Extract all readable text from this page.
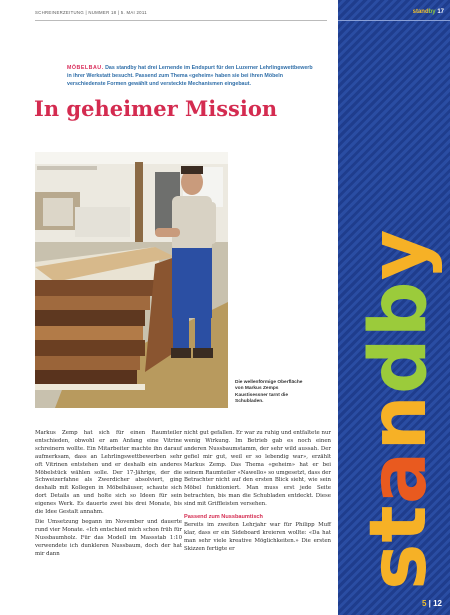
SCHREINERZEITUNG | NUMMER 18 | 5. MAI 2011
MÖBELBAU. Das standby hat drei Lernende im Endspurt für den Luzerner Lehrlingswettbewerb in ihrer Werkstatt besucht. Passend zum Thema «geheim» haben sie bei ihren Möbeln verschiedenste Formen gewählt und versteckte Mechanismen eingebaut.
In geheimer Mission
Die wellenförmige Oberfläche von Markus Zemps Kaustisessner tarnt die Schubladen.

Markus Zemp hat sich für einen Raumteiler entschieden, obwohl er am Anfang eine Vitrine schreinern wollte. Ein Mitarbeiter machte ihn darauf aufmerksam, dass an Lehrlingswettbewerben sehr oft Vitrinen entstehen und er deshalb ein anderes Möbelstück wählen solle. Der 17-Jährige, der die Schweizerfahne als Zwerdicher absolviert, ging deshalb mit Kollegen in Möbelhäuser, schaute sich dort Details an und holte sich so Ideen für sein eigenes Werk. Es dauerte zwei bis drei Monate, bis die Idee Gestalt annahm.

Die Umsetzung begann im November und dauerte rund vier Monate. «Ich entschied mich schon früh für Nussbaumholz. Für das Modell im Massstab 1:10 verwendete ich dunkleren Nussbaum, doch der hat mir dann

nicht gut gefallen. Er war zu ruhig und entfaltete nur wenig Wirkung. Im Betrieb gab es noch einen anderen Nussbaumstamm, der sehr wild aussah. Der gefiel mir gut, weil er so lebendig war», erzählt Markus Zemp. Das Thema «geheim» hat er bei seinem Raumteiler «Nawello» so umgesetzt, dass der Betrachter nicht auf den ersten Blick sieht, wie sein Möbel funktioniert. Man muss erst jede Seite betrachten, bis man die Schubladen entdeckt. Diese sind mit Griffleisten versehen.

Passend zum Nussbaumtisch

Bereits im zweiten Lehrjahr war für Philipp Muff klar, dass er ein Sideboard kreieren wollte: «Da hat man sehr viele kreative Möglichkeiten.» Die ersten Skizzen fertigte er

standby 17
standby
5 | 12
